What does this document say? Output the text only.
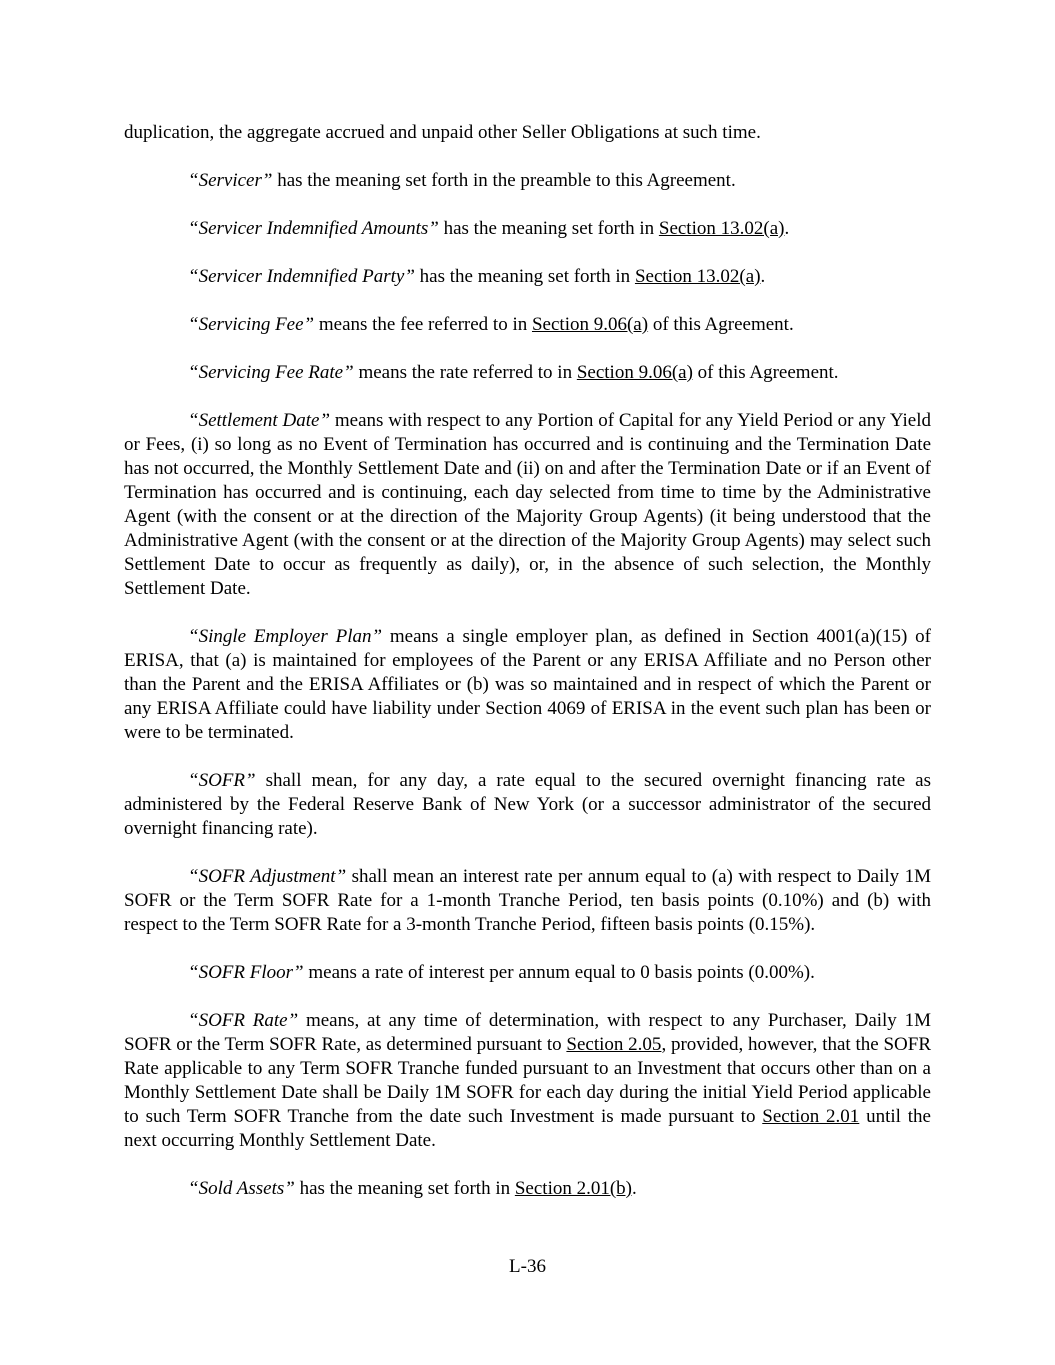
duplication, the aggregate accrued and unpaid other Seller Obligations at such time.

“Servicer” has the meaning set forth in the preamble to this Agreement.

“Servicer Indemnified Amounts” has the meaning set forth in Section 13.02(a).

“Servicer Indemnified Party” has the meaning set forth in Section 13.02(a).

“Servicing Fee” means the fee referred to in Section 9.06(a) of this Agreement.

“Servicing Fee Rate” means the rate referred to in Section 9.06(a) of this Agreement.

“Settlement Date” means with respect to any Portion of Capital for any Yield Period or any Yield or Fees, (i) so long as no Event of Termination has occurred and is continuing and the Termination Date has not occurred, the Monthly Settlement Date and (ii) on and after the Termination Date or if an Event of Termination has occurred and is continuing, each day selected from time to time by the Administrative Agent (with the consent or at the direction of the Majority Group Agents) (it being understood that the Administrative Agent (with the consent or at the direction of the Majority Group Agents) may select such Settlement Date to occur as frequently as daily), or, in the absence of such selection, the Monthly Settlement Date.

“Single Employer Plan” means a single employer plan, as defined in Section 4001(a)(15) of ERISA, that (a) is maintained for employees of the Parent or any ERISA Affiliate and no Person other than the Parent and the ERISA Affiliates or (b) was so maintained and in respect of which the Parent or any ERISA Affiliate could have liability under Section 4069 of ERISA in the event such plan has been or were to be terminated.

“SOFR” shall mean, for any day, a rate equal to the secured overnight financing rate as administered by the Federal Reserve Bank of New York (or a successor administrator of the secured overnight financing rate).

“SOFR Adjustment” shall mean an interest rate per annum equal to (a) with respect to Daily 1M SOFR or the Term SOFR Rate for a 1-month Tranche Period, ten basis points (0.10%) and (b) with respect to the Term SOFR Rate for a 3-month Tranche Period, fifteen basis points (0.15%).

“SOFR Floor” means a rate of interest per annum equal to 0 basis points (0.00%).

“SOFR Rate” means, at any time of determination, with respect to any Purchaser, Daily 1M SOFR or the Term SOFR Rate, as determined pursuant to Section 2.05, provided, however, that the SOFR Rate applicable to any Term SOFR Tranche funded pursuant to an Investment that occurs other than on a Monthly Settlement Date shall be Daily 1M SOFR for each day during the initial Yield Period applicable to such Term SOFR Tranche from the date such Investment is made pursuant to Section 2.01 until the next occurring Monthly Settlement Date.

“Sold Assets” has the meaning set forth in Section 2.01(b).

L-36
